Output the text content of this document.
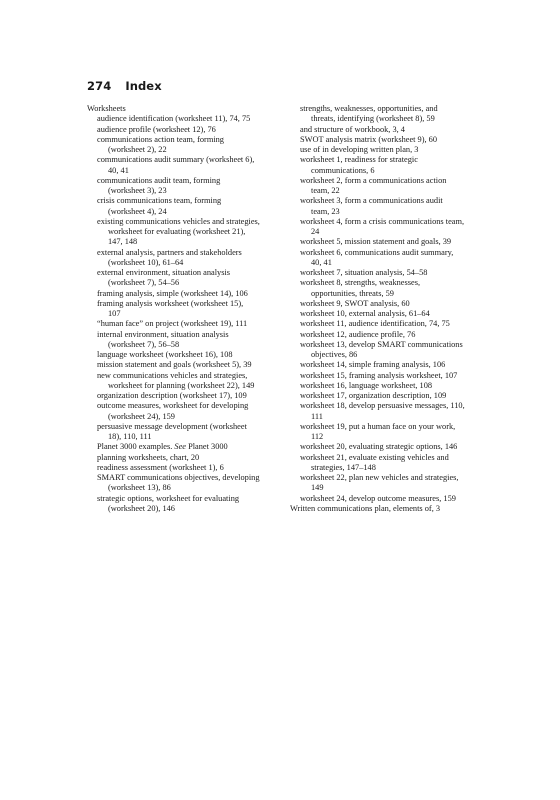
274 Index
Worksheets
audience identification (worksheet 11), 74, 75
audience profile (worksheet 12), 76
communications action team, forming
(worksheet 2), 22
communications audit summary (worksheet 6),
40, 41
communications audit team, forming
(worksheet 3), 23
crisis communications team, forming
(worksheet 4), 24
existing communications vehicles and strategies,
worksheet for evaluating (worksheet 21),
147, 148
external analysis, partners and stakeholders
(worksheet 10), 61–64
external environment, situation analysis
(worksheet 7), 54–56
framing analysis, simple (worksheet 14), 106
framing analysis worksheet (worksheet 15),
107
“human face” on project (worksheet 19), 111
internal environment, situation analysis
(worksheet 7), 56–58
language worksheet (worksheet 16), 108
mission statement and goals (worksheet 5), 39
new communications vehicles and strategies,
worksheet for planning (worksheet 22), 149
organization description (worksheet 17), 109
outcome measures, worksheet for developing
(worksheet 24), 159
persuasive message development (worksheet
18), 110, 111
Planet 3000 examples. See Planet 3000
planning worksheets, chart, 20
readiness assessment (worksheet 1), 6
SMART communications objectives, developing
(worksheet 13), 86
strategic options, worksheet for evaluating
(worksheet 20), 146
strengths, weaknesses, opportunities, and
threats, identifying (worksheet 8), 59
and structure of workbook, 3, 4
SWOT analysis matrix (worksheet 9), 60
use of in developing written plan, 3
worksheet 1, readiness for strategic
communications, 6
worksheet 2, form a communications action
team, 22
worksheet 3, form a communications audit
team, 23
worksheet 4, form a crisis communications team,
24
worksheet 5, mission statement and goals, 39
worksheet 6, communications audit summary,
40, 41
worksheet 7, situation analysis, 54–58
worksheet 8, strengths, weaknesses,
opportunities, threats, 59
worksheet 9, SWOT analysis, 60
worksheet 10, external analysis, 61–64
worksheet 11, audience identification, 74, 75
worksheet 12, audience profile, 76
worksheet 13, develop SMART communications
objectives, 86
worksheet 14, simple framing analysis, 106
worksheet 15, framing analysis worksheet, 107
worksheet 16, language worksheet, 108
worksheet 17, organization description, 109
worksheet 18, develop persuasive messages, 110,
111
worksheet 19, put a human face on your work,
112
worksheet 20, evaluating strategic options, 146
worksheet 21, evaluate existing vehicles and
strategies, 147–148
worksheet 22, plan new vehicles and strategies,
149
worksheet 24, develop outcome measures, 159
Written communications plan, elements of, 3
